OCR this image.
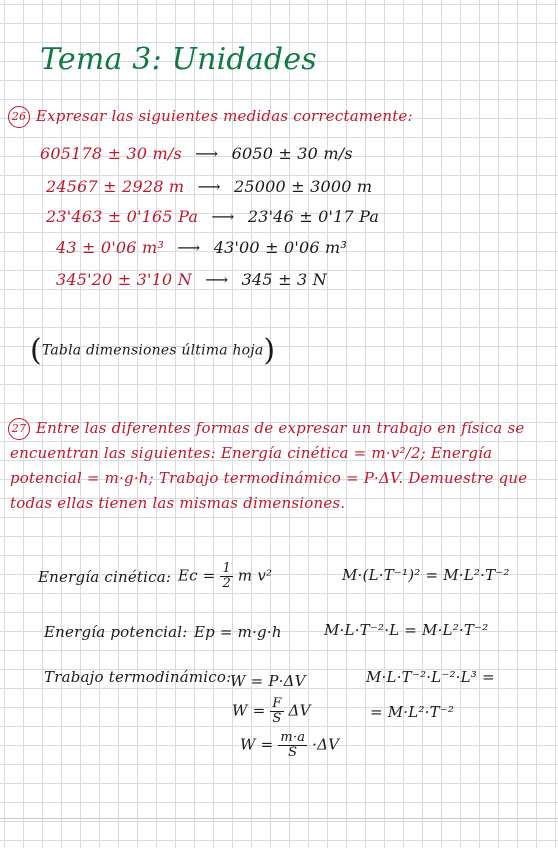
Tema 3: Unidades
26 Expresar las siguientes medidas correctamente:
605178 ± 30 m/s ⟶ 6050 ± 30 m/s
24567 ± 2928 m ⟶ 25000 ± 3000 m
23'463 ± 0'165 Pa ⟶ 23'46 ± 0'17 Pa
43 ± 0'06 m³ ⟶ 43'00 ± 0'06 m³
345'20 ± 3'10 N ⟶ 345 ± 3 N
(Tabla dimensiones última hoja)
27 Entre las diferentes formas de expresar un trabajo en física se
encuentran las siguientes: Energía cinética = m·v²/2; Energía
potencial = m·g·h; Trabajo termodinámico = P·ΔV. Demuestre que
todas ellas tienen las mismas dimensiones.
Energía cinética: $Ec = \frac{1}{2}$ m v²	M·(L·T⁻¹)² = M·L²·T⁻²
Energía potencial: Ep = m·g·h	M·L·T⁻²·L = M·L²·T⁻²
Trabajo termodinámico:
W = P·ΔV	M·L·T⁻²·L⁻²·L³ =
$W = \frac{F}{S}$ ΔV	= M·L²·T⁻²
$W = \frac{m\cdot a}{S} \cdot\Delta V$
